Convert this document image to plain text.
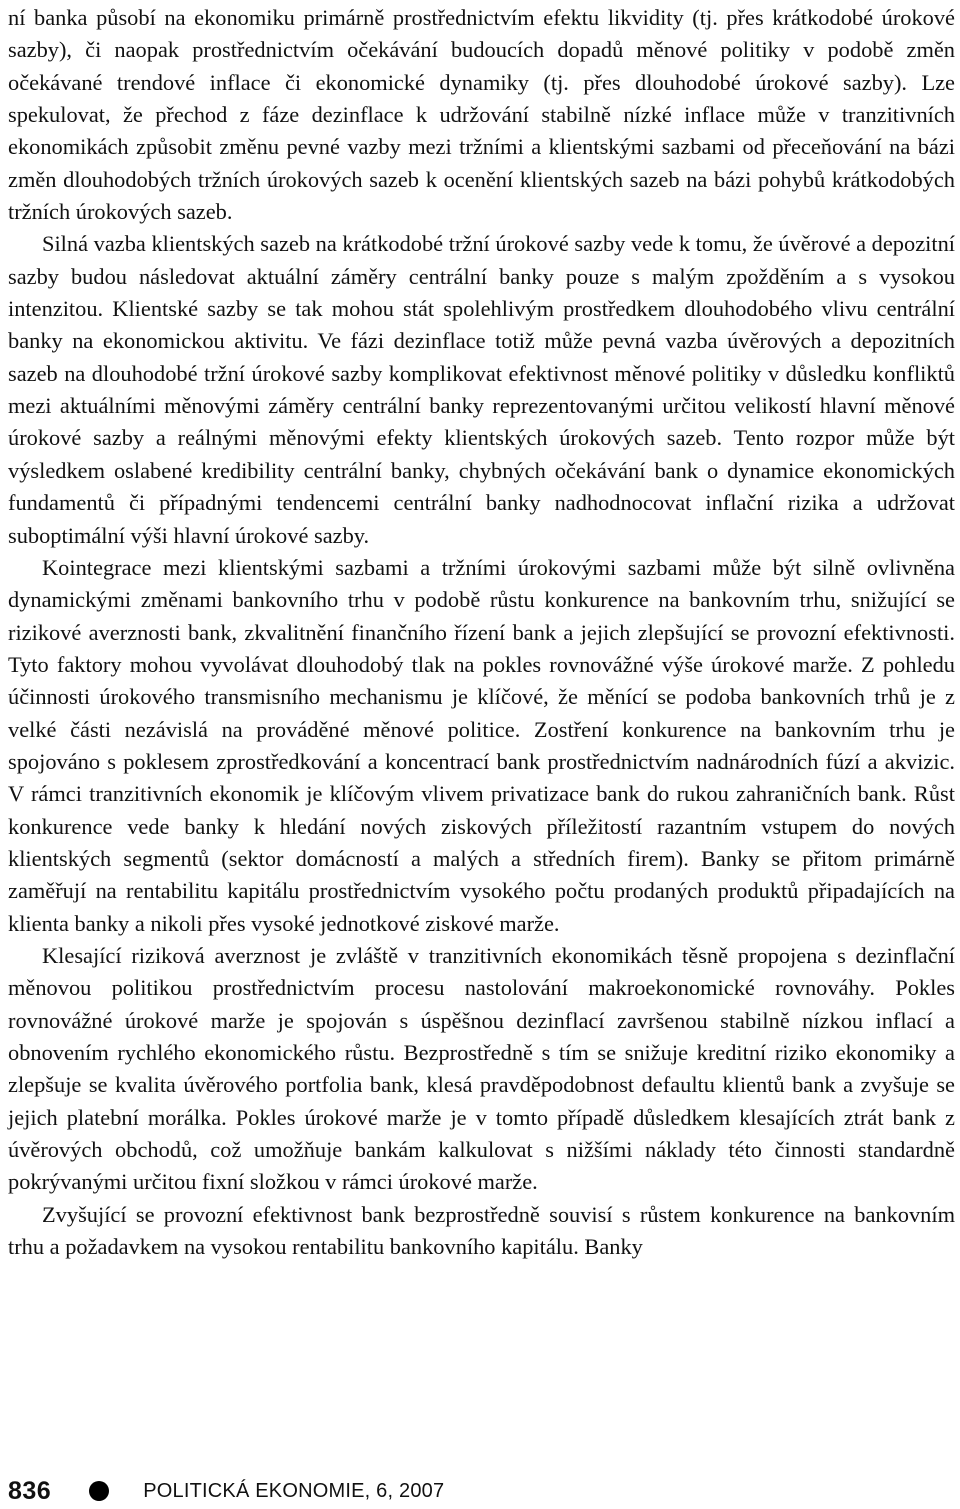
ní banka působí na ekonomiku primárně prostřednictvím efektu likvidity (tj. přes krátkodobé úrokové sazby), či naopak prostřednictvím očekávání budoucích dopadů měnové politiky v podobě změn očekávané trendové inflace či ekonomické dynamiky (tj. přes dlouhodobé úrokové sazby). Lze spekulovat, že přechod z fáze dezinflace k udržování stabilně nízké inflace může v tranzitivních ekonomikách způsobit změnu pevné vazby mezi tržními a klientskými sazbami od přeceňování na bázi změn dlouhodobých tržních úrokových sazeb k ocenění klientských sazeb na bázi pohybů krátkodobých tržních úrokových sazeb.

Silná vazba klientských sazeb na krátkodobé tržní úrokové sazby vede k tomu, že úvěrové a depozitní sazby budou následovat aktuální záměry centrální banky pouze s malým zpožděním a s vysokou intenzitou. Klientské sazby se tak mohou stát spolehlivým prostředkem dlouhodobého vlivu centrální banky na ekonomickou aktivitu. Ve fázi dezinflace totiž může pevná vazba úvěrových a depozitních sazeb na dlouhodobé tržní úrokové sazby komplikovat efektivnost měnové politiky v důsledku konfliktů mezi aktuálními měnovými záměry centrální banky reprezentovanými určitou velikostí hlavní měnové úrokové sazby a reálnými měnovými efekty klientských úrokových sazeb. Tento rozpor může být výsledkem oslabené kredibility centrální banky, chybných očekávání bank o dynamice ekonomických fundamentů či případnými tendencemi centrální banky nadhodnocovat inflační rizika a udržovat suboptimální výši hlavní úrokové sazby.

Kointegrace mezi klientskými sazbami a tržními úrokovými sazbami může být silně ovlivněna dynamickými změnami bankovního trhu v podobě růstu konkurence na bankovním trhu, snižující se rizikové averznosti bank, zkvalitnění finančního řízení bank a jejich zlepšující se provozní efektivnosti. Tyto faktory mohou vyvolávat dlouhodobý tlak na pokles rovnovážné výše úrokové marže. Z pohledu účinnosti úrokového transmisního mechanismu je klíčové, že měnící se podoba bankovních trhů je z velké části nezávislá na prováděné měnové politice. Zostření konkurence na bankovním trhu je spojováno s poklesem zprostředkování a koncentrací bank prostřednictvím nadnárodních fúzí a akvizic. V rámci tranzitivních ekonomik je klíčovým vlivem privatizace bank do rukou zahraničních bank. Růst konkurence vede banky k hledání nových ziskových příležitostí razantním vstupem do nových klientských segmentů (sektor domácností a malých a středních firem). Banky se přitom primárně zaměřují na rentabilitu kapitálu prostřednictvím vysokého počtu prodaných produktů připadajících na klienta banky a nikoli přes vysoké jednotkové ziskové marže.

Klesající riziková averznost je zvláště v tranzitivních ekonomikách těsně propojena s dezinflační měnovou politikou prostřednictvím procesu nastolování makroekonomické rovnováhy. Pokles rovnovážné úrokové marže je spojován s úspěšnou dezinflací završenou stabilně nízkou inflací a obnovením rychlého ekonomického růstu. Bezprostředně s tím se snižuje kreditní riziko ekonomiky a zlepšuje se kvalita úvěrového portfolia bank, klesá pravděpodobnost defaultu klientů bank a zvyšuje se jejich platební morálka. Pokles úrokové marže je v tomto případě důsledkem klesajících ztrát bank z úvěrových obchodů, což umožňuje bankám kalkulovat s nižšími náklady této činnosti standardně pokrývanými určitou fixní složkou v rámci úrokové marže.

Zvyšující se provozní efektivnost bank bezprostředně souvisí s růstem konkurence na bankovním trhu a požadavkem na vysokou rentabilitu bankovního kapitálu. Banky

836	POLITICKÁ EKONOMIE, 6, 2007
